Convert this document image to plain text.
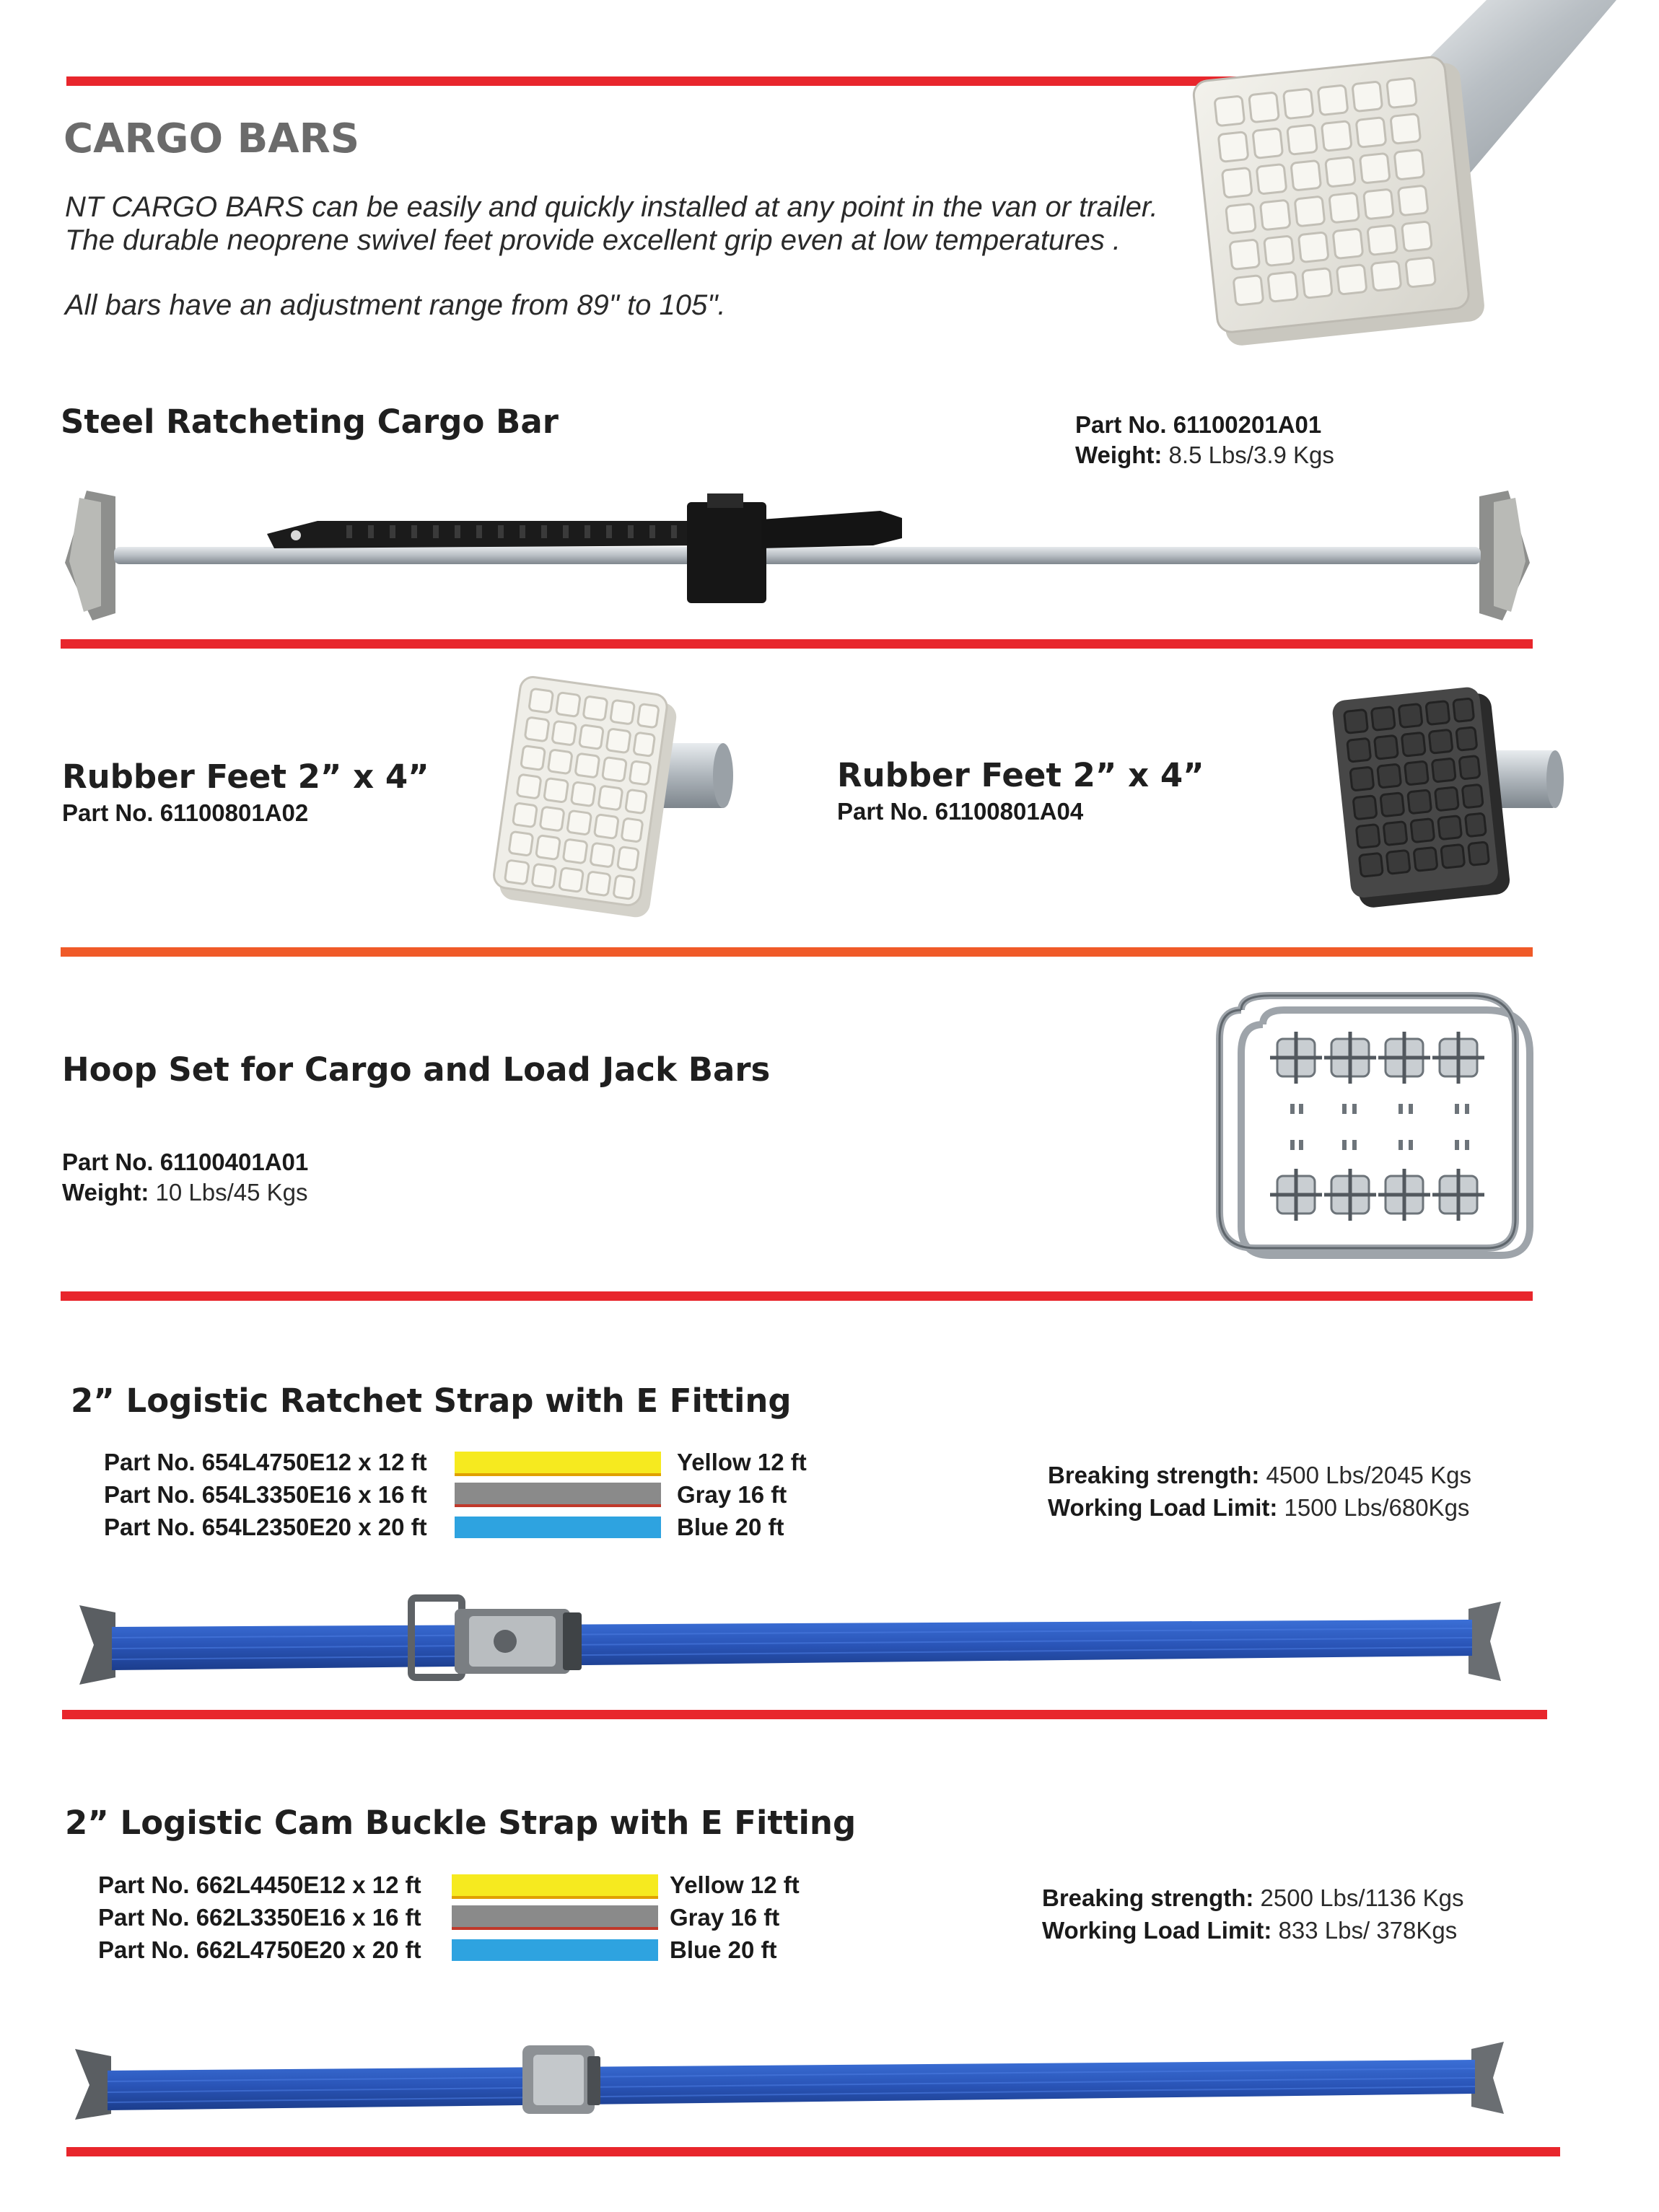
CARGO BARS
NT CARGO BARS can be easily and quickly installed at any point in the van or trailer.
The durable neoprene swivel feet provide excellent grip even at low temperatures .
All bars have an adjustment range from 89" to 105".
Steel Ratcheting Cargo Bar	Part No. 61100201A01
Weight: 8.5 Lbs/3.9 Kgs
Rubber Feet 2” x 4”
Part No. 61100801A02
Rubber Feet 2” x 4”
Part No. 61100801A04
Hoop Set for Cargo and Load Jack Bars
Part No. 61100401A01
Weight: 10 Lbs/45 Kgs
2” Logistic Ratchet Strap with E Fitting
Part No. 654L4750E12 x 12 ft	Yellow 12 ft
Part No. 654L3350E16 x 16 ft	Gray 16 ft
Part No. 654L2350E20 x 20 ft	Blue 20 ft
Breaking strength: 4500 Lbs/2045 Kgs
Working Load Limit: 1500 Lbs/680Kgs
2” Logistic Cam Buckle Strap with E Fitting
Part No. 662L4450E12 x 12 ft	Yellow 12 ft
Part No. 662L3350E16 x 16 ft	Gray 16 ft
Part No. 662L4750E20 x 20 ft	Blue 20 ft
Breaking strength: 2500 Lbs/1136 Kgs
Working Load Limit: 833 Lbs/ 378Kgs
